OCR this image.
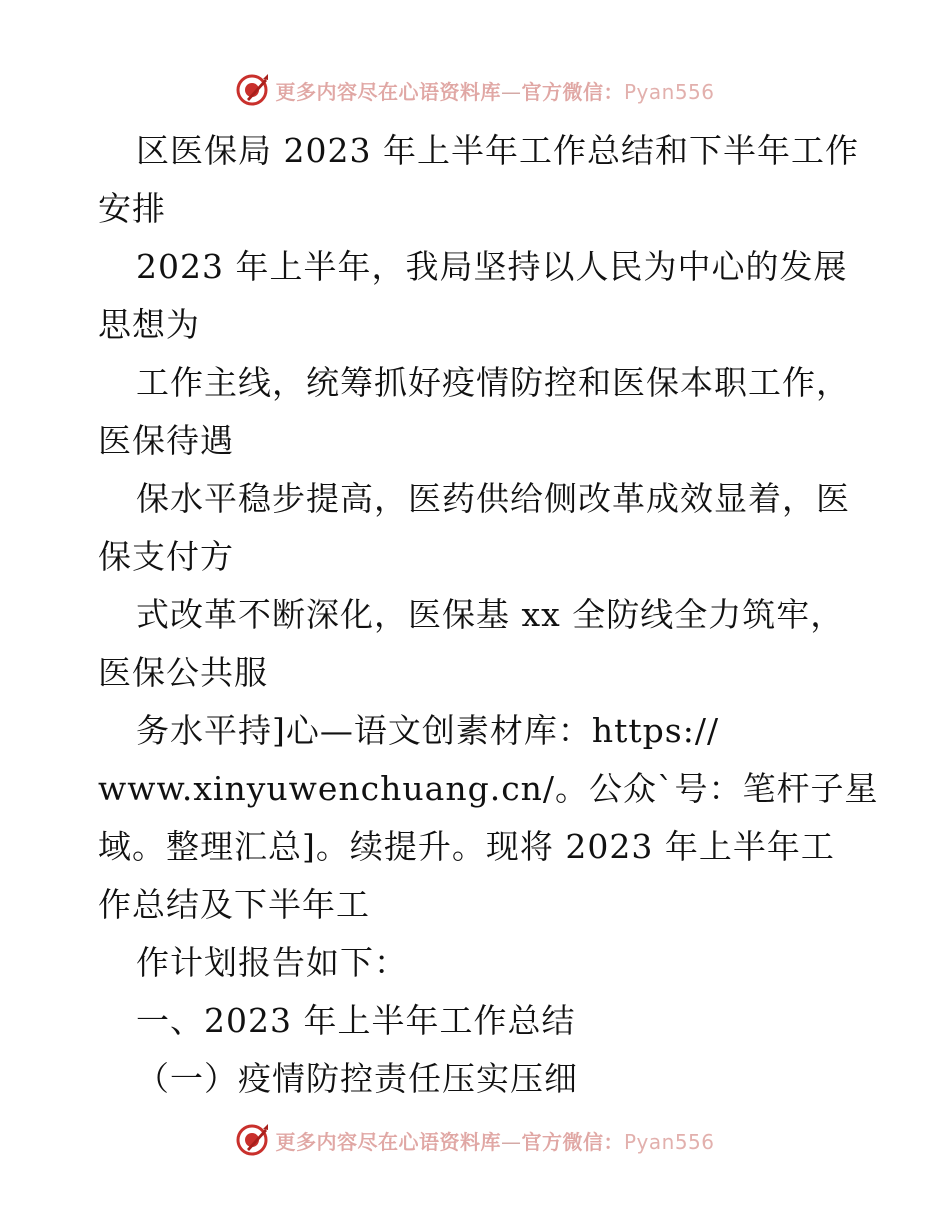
更多内容尽在心语资料库—官方微信：Pyan556
区医保局 2023 年上半年工作总结和下半年工作
安排
2023 年上半年，我局坚持以人民为中心的发展
思想为
工作主线，统筹抓好疫情防控和医保本职工作，
医保待遇
保水平稳步提高，医药供给侧改革成效显着，医
保支付方
式改革不断深化，医保基 xx 全防线全力筑牢，
医保公共服
务水平持]心—语文创素材库：https://
www.xinyuwenchuang.cn/。公众`号：笔杆子星
域。整理汇总]。续提升。现将 2023 年上半年工
作总结及下半年工
作计划报告如下：
一、2023 年上半年工作总结
（一）疫情防控责任压实压细
更多内容尽在心语资料库—官方微信：Pyan556
